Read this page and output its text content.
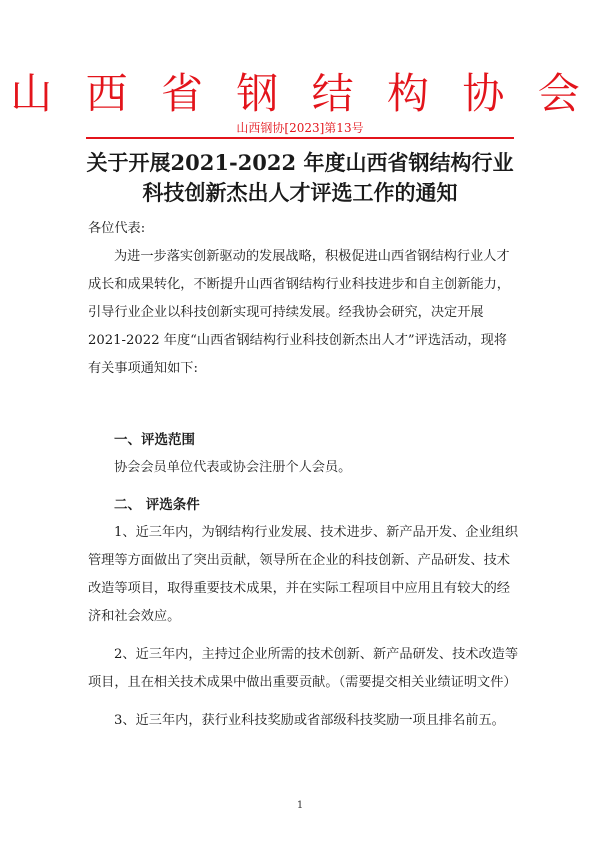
山 西 省 钢 结 构 协 会
山西钢协[2023]第13号
关于开展2021-2022 年度山西省钢结构行业
科技创新杰出人才评选工作的通知

各位代表:

为进一步落实创新驱动的发展战略，积极促进山西省钢结构行业人才成长和成果转化，不断提升山西省钢结构行业科技进步和自主创新能力，引导行业企业以科技创新实现可持续发展。经我协会研究，决定开展 2021-2022 年度“山西省钢结构行业科技创新杰出人才”评选活动，现将有关事项通知如下:

一、评选范围

协会会员单位代表或协会注册个人会员。

二、 评选条件

1、近三年内，为钢结构行业发展、技术进步、新产品开发、企业组织管理等方面做出了突出贡献，领导所在企业的科技创新、产品研发、技术改造等项目，取得重要技术成果，并在实际工程项目中应用且有较大的经济和社会效应。

2、近三年内，主持过企业所需的技术创新、新产品研发、技术改造等项目，且在相关技术成果中做出重要贡献。（需要提交相关业绩证明文件）

3、近三年内，获行业科技奖励或省部级科技奖励一项且排名前五。

1
